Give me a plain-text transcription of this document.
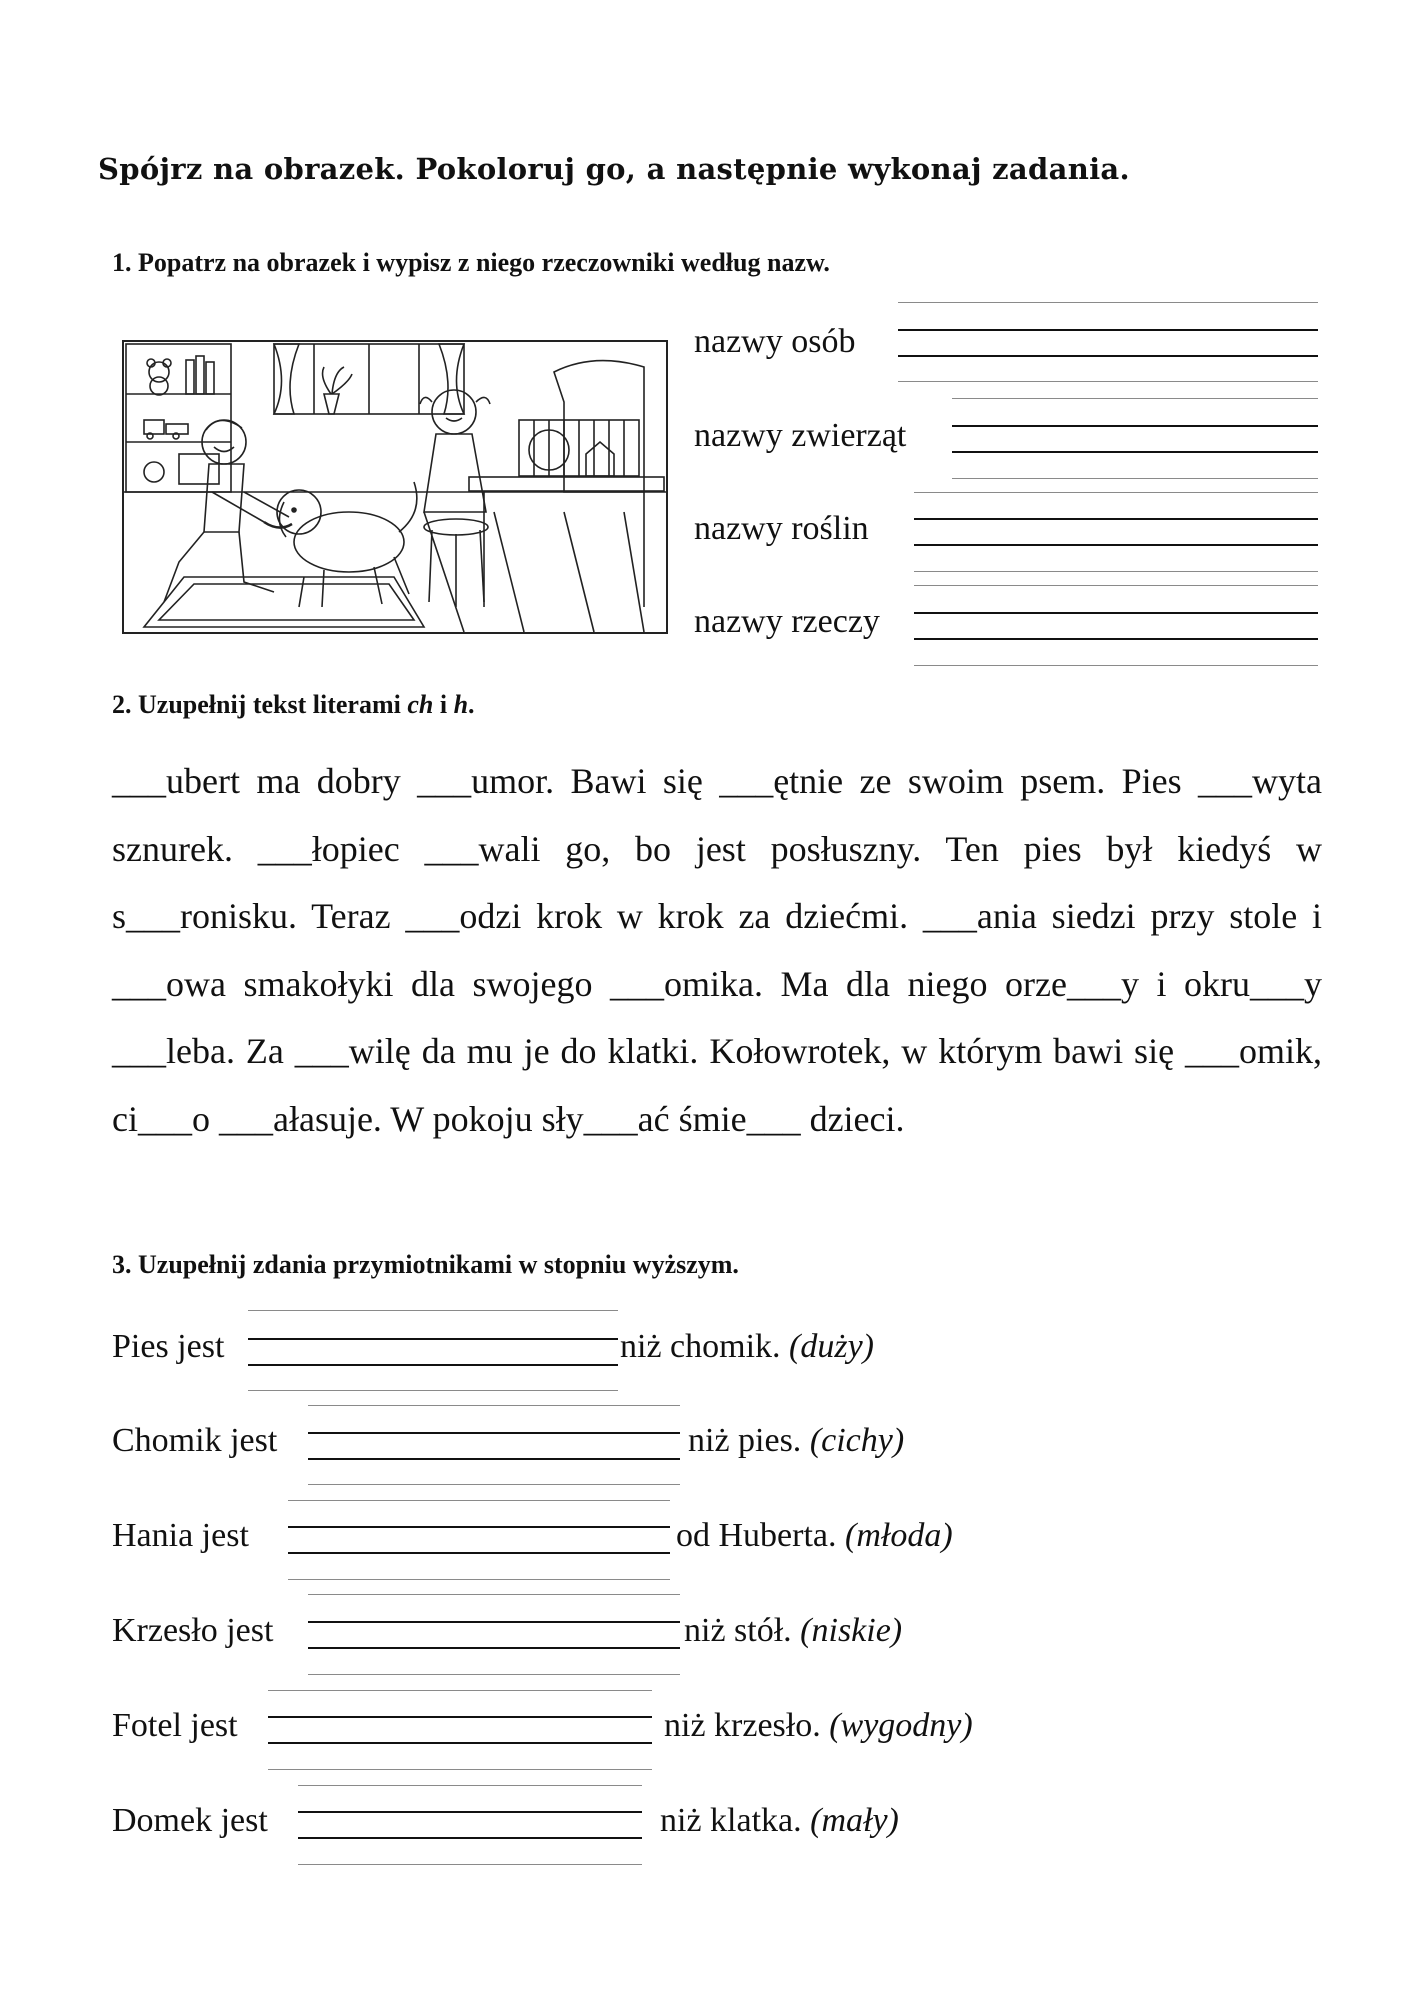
Spójrz na obrazek. Pokoloruj go, a następnie wykonaj zadania.
1. Popatrz na obrazek i wypisz z niego rzeczowniki według nazw.
nazwy osób
nazwy zwierząt
nazwy roślin
nazwy rzeczy
2. Uzupełnij tekst literami ch i h.

___ubert ma dobry ___umor. Bawi się ___ętnie ze swoim psem. Pies ___wyta sznurek. ___łopiec ___wali go, bo jest posłuszny. Ten pies był kiedyś w s___ronisku. Teraz ___odzi krok w krok za dziećmi. ___ania siedzi przy stole i ___owa smakołyki dla swojego ___omika. Ma dla niego orze___y i okru___y ___leba. Za ___wilę da mu je do klatki. Kołowrotek, w którym bawi się ___omik, ci___o ___ałasuje. W pokoju sły___ać śmie___ dzieci.

3. Uzupełnij zdania przymiotnikami w stopniu wyższym.
Pies jest	niż chomik. (duży)
Chomik jest	niż pies. (cichy)
Hania jest	od Huberta. (młoda)
Krzesło jest	niż stół. (niskie)
Fotel jest	niż krzesło. (wygodny)
Domek jest	niż klatka. (mały)
